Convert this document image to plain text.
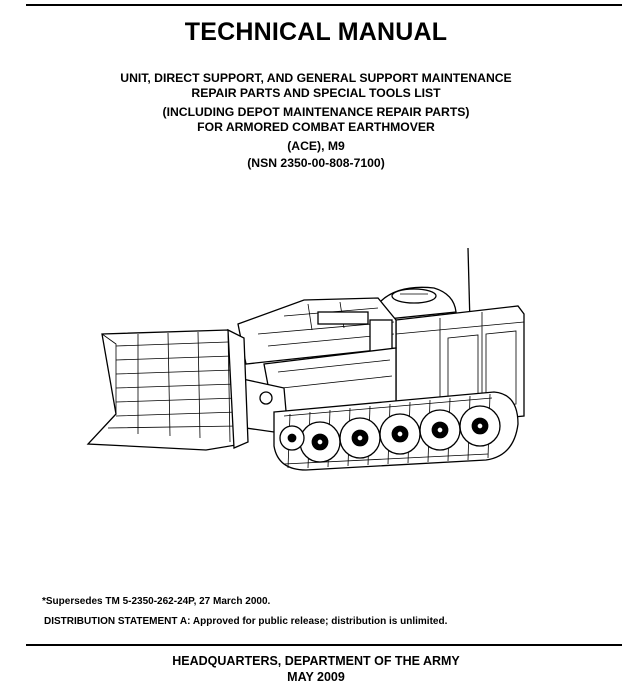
TECHNICAL MANUAL
UNIT, DIRECT SUPPORT, AND GENERAL SUPPORT MAINTENANCE
REPAIR PARTS AND SPECIAL TOOLS LIST
(INCLUDING DEPOT MAINTENANCE REPAIR PARTS)
FOR ARMORED COMBAT EARTHMOVER
(ACE), M9
(NSN 2350-00-808-7100)
*Supersedes TM 5-2350-262-24P, 27 March 2000.
DISTRIBUTION STATEMENT A: Approved for public release; distribution is unlimited.
HEADQUARTERS, DEPARTMENT OF THE ARMY
MAY 2009
